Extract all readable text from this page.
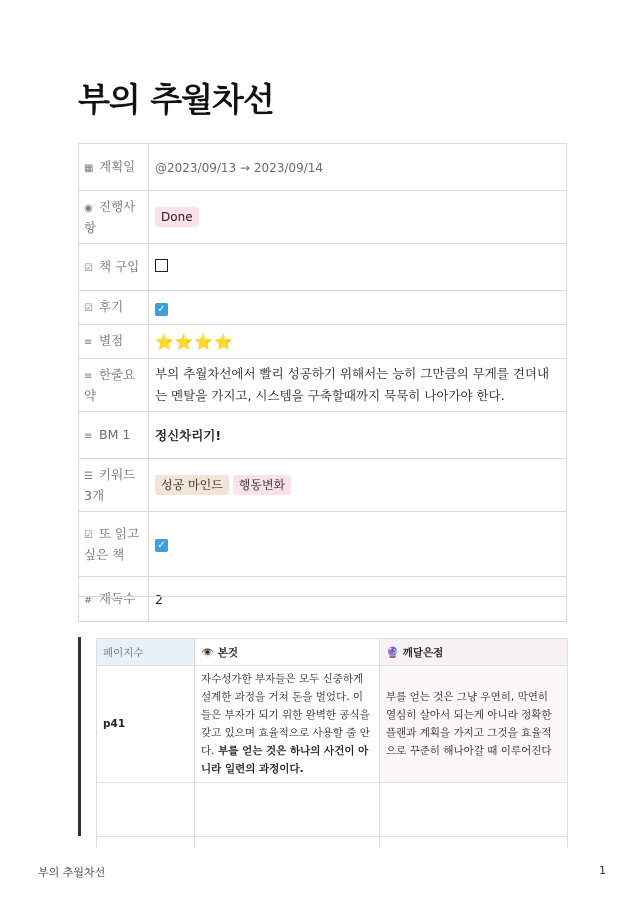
부의 추월차선
▦ 계획일	@2023/09/13 → 2023/09/14
◉ 진행사항	Done
☑ 책 구입	
☑ 후기	✓
≡ 별점	⭐⭐⭐⭐
≡ 한줄요약	부의 추월차선에서 빨리 성공하기 위해서는 능히 그만큼의 무게를 견뎌내는 멘탈을 가지고, 시스템을 구축할때까지 묵묵히 나아가야 한다.
≡ BM 1	정신차리기!
☰ 키워드 3개	성공 마인드 행동변화
☑ 또 읽고싶은 책	✓
# 재독수	2
페이지수	👁️ 본것	🔮 깨달은점
p41	자수성가한 부자들은 모두 신중하게 설계한 과정을 거쳐 돈을 벌었다. 이들은 부자가 되기 위한 완벽한 공식을 갖고 있으며 효율적으로 사용할 줄 안다. 부를 얻는 것은 하나의 사건이 아니라 일련의 과정이다.	부를 얻는 것은 그냥 우연히, 막연히 열심히 살아서 되는게 아니라 정확한 플랜과 계획을 가지고 그것을 효율적으로 꾸준히 해나아갈 때 이루어진다

부의 추월차선	1
